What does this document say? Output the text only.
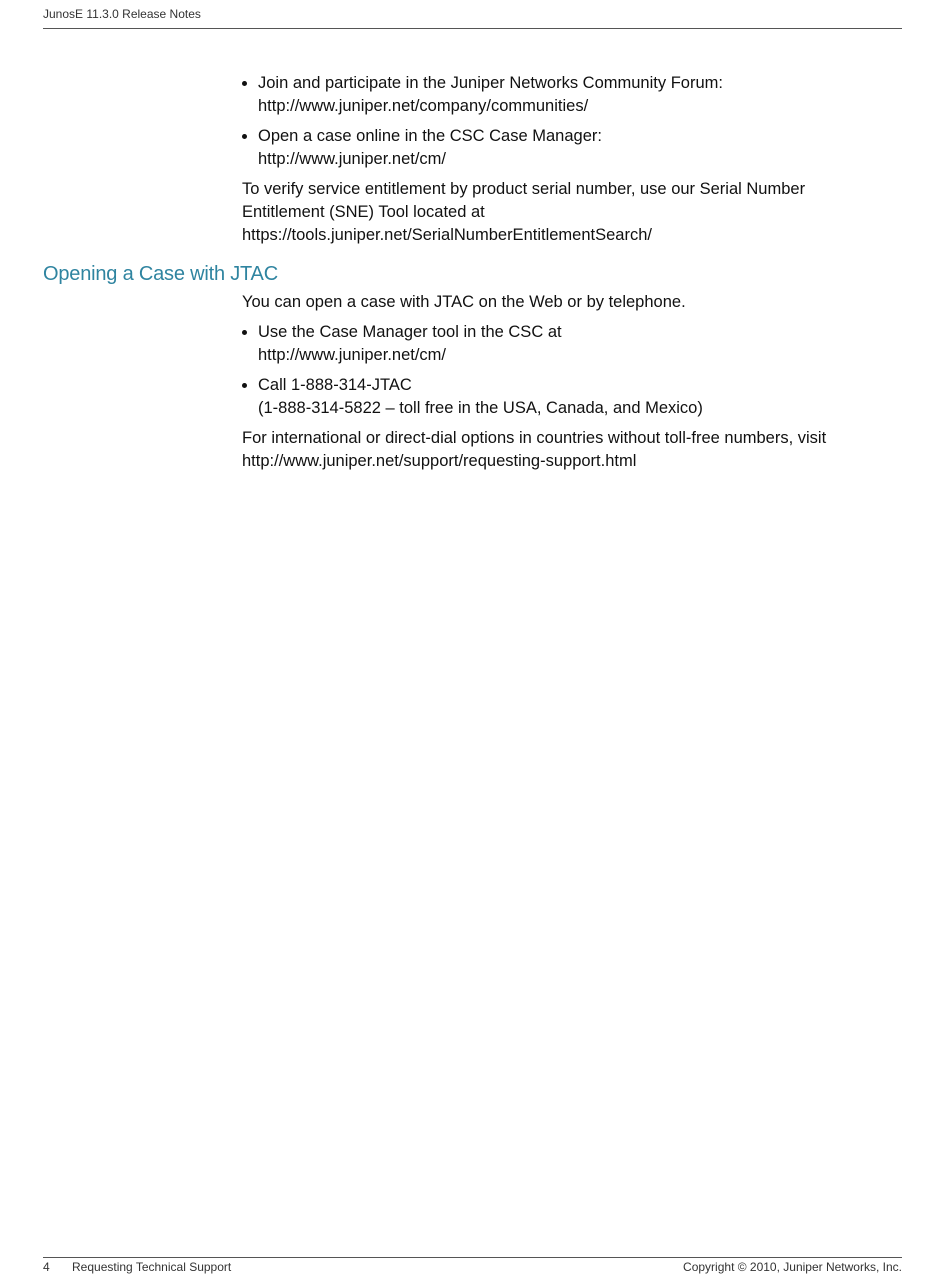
JunosE 11.3.0 Release Notes
Join and participate in the Juniper Networks Community Forum:
http://www.juniper.net/company/communities/
Open a case online in the CSC Case Manager:
http://www.juniper.net/cm/
To verify service entitlement by product serial number, use our Serial Number
Entitlement (SNE) Tool located at
https://tools.juniper.net/SerialNumberEntitlementSearch/
Opening a Case with JTAC
You can open a case with JTAC on the Web or by telephone.
Use the Case Manager tool in the CSC at
http://www.juniper.net/cm/
Call 1-888-314-JTAC
(1-888-314-5822 – toll free in the USA, Canada, and Mexico)
For international or direct-dial options in countries without toll-free numbers, visit
http://www.juniper.net/support/requesting-support.html
4 Requesting Technical Support	Copyright © 2010, Juniper Networks, Inc.
